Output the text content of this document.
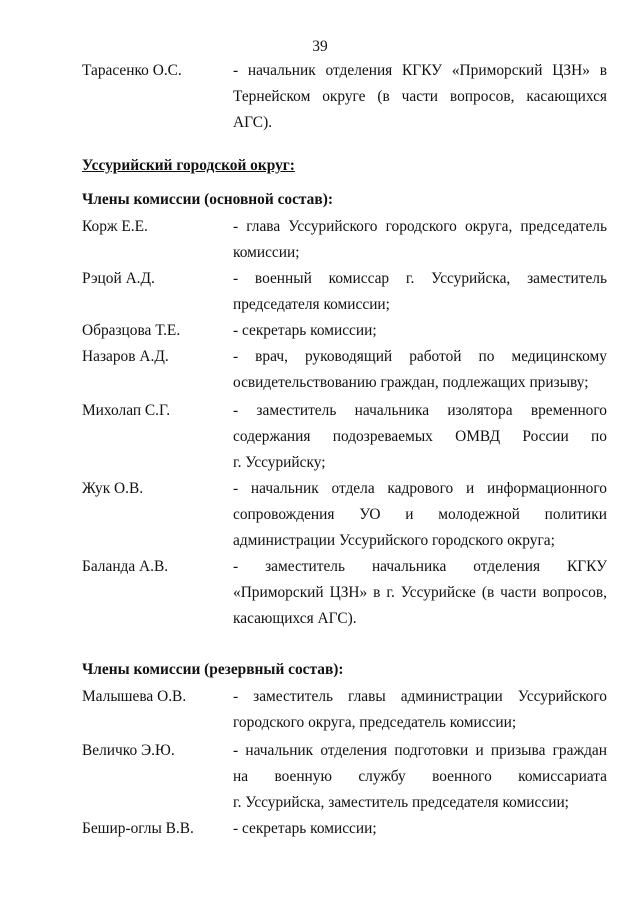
39
Тарасенко О.С.	- начальник отделения КГКУ «Приморский ЦЗН» в
Тернейском округе (в части вопросов, касающихся
АГС).
Уссурийский городской округ:
Члены комиссии (основной состав):
Корж Е.Е.	- глава Уссурийского городского округа, председатель
комиссии;
Рэцой А.Д.	- военный комиссар г. Уссурийска, заместитель
председателя комиссии;
Образцова Т.Е.	- секретарь комиссии;
Назаров А.Д.	- врач, руководящий работой по медицинскому
освидетельствованию граждан, подлежащих призыву;
Михолап С.Г.	- заместитель начальника изолятора временного
содержания подозреваемых ОМВД России по
г. Уссурийску;
Жук О.В.	- начальник отдела кадрового и информационного
сопровождения УО и молодежной политики
администрации Уссурийского городского округа;
Баланда А.В.	- заместитель начальника отделения КГКУ
«Приморский ЦЗН» в г. Уссурийске (в части вопросов,
касающихся АГС).
Члены комиссии (резервный состав):
Малышева О.В.	- заместитель главы администрации Уссурийского
городского округа, председатель комиссии;
Величко Э.Ю.	- начальник отделения подготовки и призыва граждан
на военную службу военного комиссариата
г. Уссурийска, заместитель председателя комиссии;
Бешир-оглы В.В.	- секретарь комиссии;
